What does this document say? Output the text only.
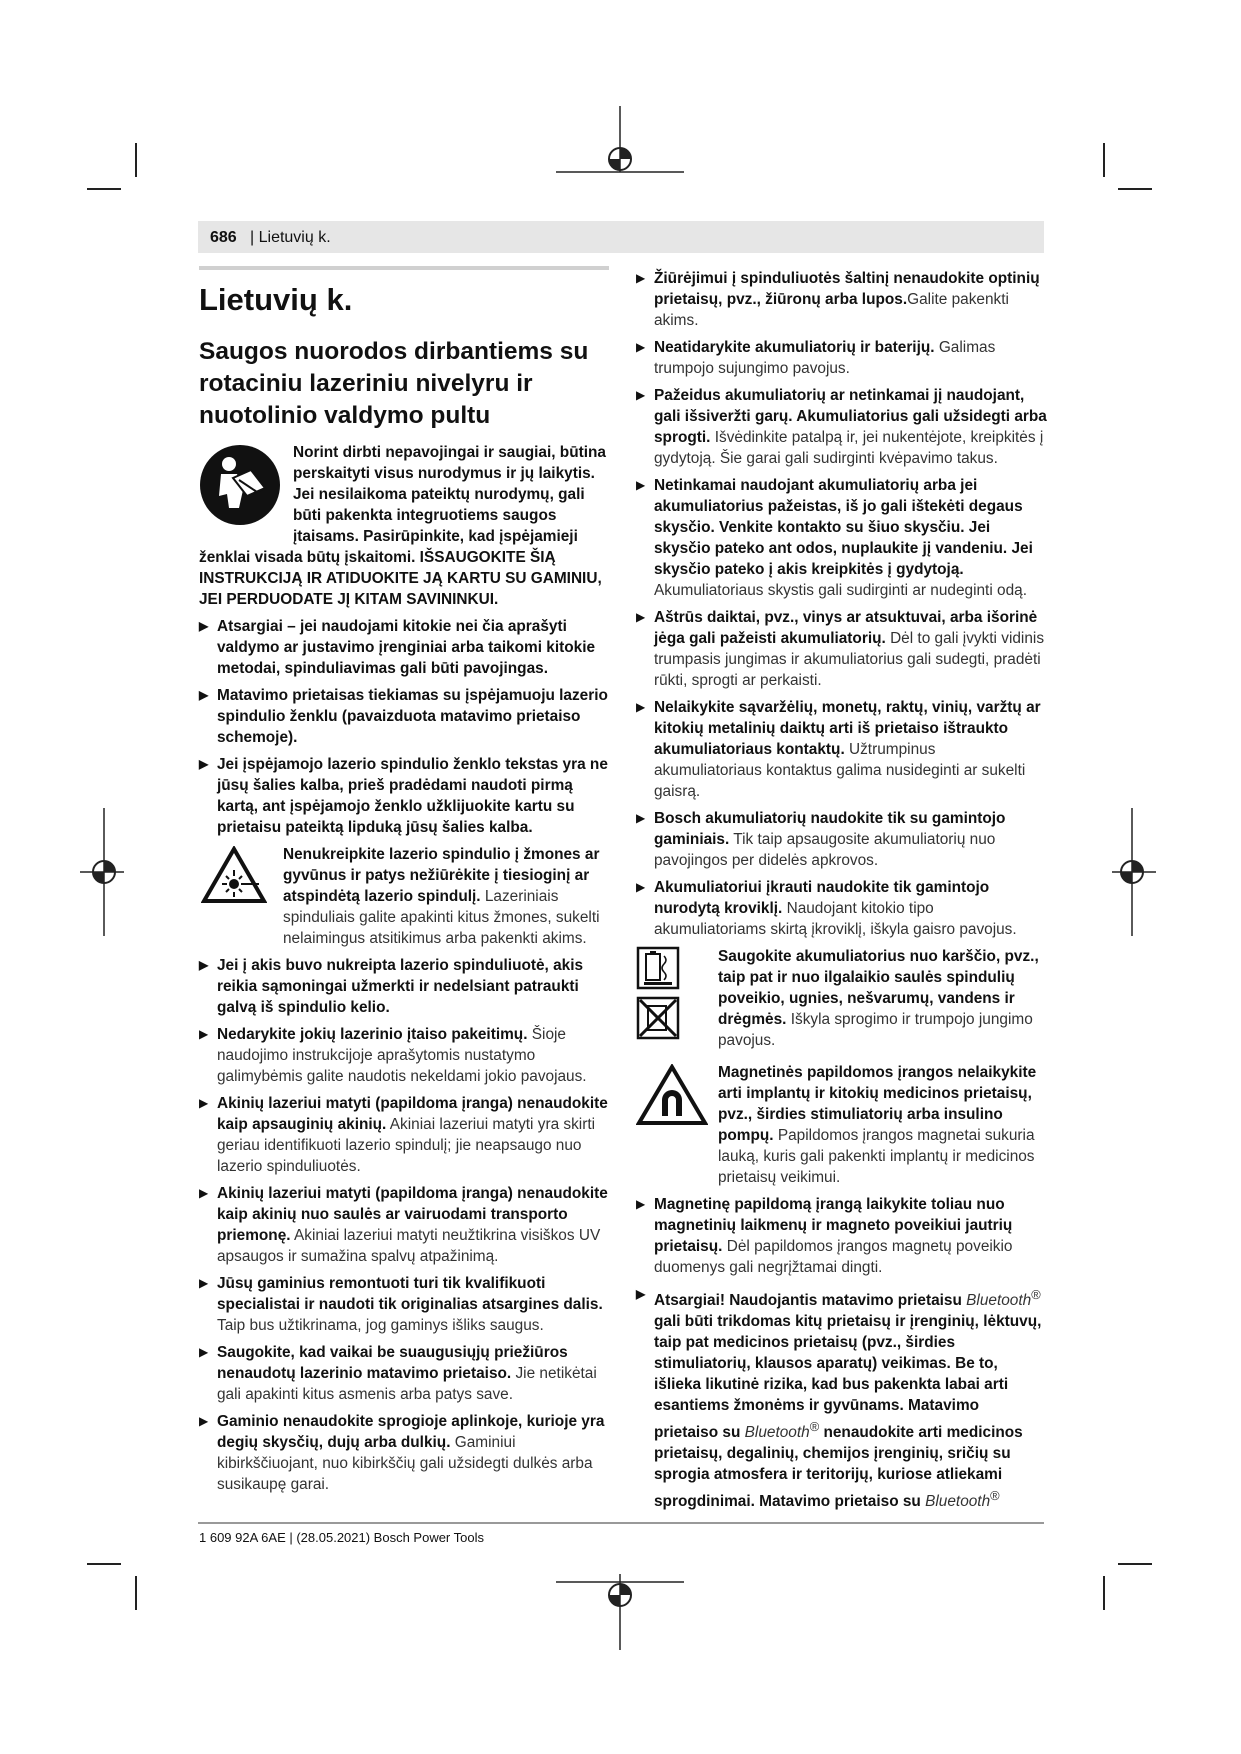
686 | Lietuvių k.
Lietuvių k.
Saugos nuorodos dirbantiems su rotaciniu lazeriniu nivelyru ir nuotolinio valdymo pultu
Norint dirbti nepavojingai ir saugiai, būtina perskaityti visus nurodymus ir jų laikytis. Jei nesilaikoma pateiktų nurodymų, gali būti pakenkta integruotiems saugos įtaisams. Pasirūpinkite, kad įspėjamieji ženklai visada būtų įskaitomi. IŠSAUGOKITE ŠIĄ INSTRUKCIJĄ IR ATIDUOKITE JĄ KARTU SU GAMINIU, JEI PERDUODATE JĮ KITAM SAVININKUI.
▶ Atsargiai – jei naudojami kitokie nei čia aprašyti valdymo ar justavimo įrenginiai arba taikomi kitokie metodai, spinduliavimas gali būti pavojingas.
▶ Matavimo prietaisas tiekiamas su įspėjamuoju lazerio spindulio ženklu (pavaizduota matavimo prietaiso schemoje).
▶ Jei įspėjamojo lazerio spindulio ženklo tekstas yra ne jūsų šalies kalba, prieš pradėdami naudoti pirmą kartą, ant įspėjamojo ženklo užklijuokite kartu su prietaisu pateiktą lipduką jūsų šalies kalba.
Nenukreipkite lazerio spindulio į žmones ar gyvūnus ir patys nežiūrėkite į tiesioginį ar atspindėtą lazerio spindulį. Lazeriniais spinduliais galite apakinti kitus žmones, sukelti nelaimingus atsitikimus arba pakenkti akims.
▶ Jei į akis buvo nukreipta lazerio spinduliuotė, akis reikia sąmoningai užmerkti ir nedelsiant patraukti galvą iš spindulio kelio.
▶ Nedarykite jokių lazerinio įtaiso pakeitimų. Šioje naudojimo instrukcijoje aprašytomis nustatymo galimybėmis galite naudotis nekeldami jokio pavojaus.
▶ Akinių lazeriui matyti (papildoma įranga) nenaudokite kaip apsauginių akinių. Akiniai lazeriui matyti yra skirti geriau identifikuoti lazerio spindulį; jie neapsaugo nuo lazerio spinduliuotės.
▶ Akinių lazeriui matyti (papildoma įranga) nenaudokite kaip akinių nuo saulės ar vairuodami transporto priemonę. Akiniai lazeriui matyti neužtikrina visiškos UV apsaugos ir sumažina spalvų atpažinimą.
▶ Jūsų gaminius remontuoti turi tik kvalifikuoti specialistai ir naudoti tik originalias atsargines dalis. Taip bus užtikrinama, jog gaminys išliks saugus.
▶ Saugokite, kad vaikai be suaugusiųjų priežiūros nenaudotų lazerinio matavimo prietaiso. Jie netikėtai gali apakinti kitus asmenis arba patys save.
▶ Gaminio nenaudokite sprogioje aplinkoje, kurioje yra degių skysčių, dujų arba dulkių. Gaminiui kibirkščiuojant, nuo kibirkščių gali užsidegti dulkės arba susikaupę garai.
▶ Žiūrėjimui į spinduliuotės šaltinį nenaudokite optinių prietaisų, pvz., žiūronų arba lupos.Galite pakenkti akims.
▶ Neatidarykite akumuliatorių ir baterijų. Galimas trumpojo sujungimo pavojus.
▶ Pažeidus akumuliatorių ar netinkamai jį naudojant, gali išsiveržti garų. Akumuliatorius gali užsidegti arba sprogti. Išvėdinkite patalpą ir, jei nukentėjote, kreipkitės į gydytoją. Šie garai gali sudirginti kvėpavimo takus.
▶ Netinkamai naudojant akumuliatorių arba jei akumuliatorius pažeistas, iš jo gali ištekėti degaus skysčio. Venkite kontakto su šiuo skysčiu. Jei skysčio pateko ant odos, nuplaukite jį vandeniu. Jei skysčio pateko į akis kreipkitės į gydytoją. Akumuliatoriaus skystis gali sudirginti ar nudeginti odą.
▶ Aštrūs daiktai, pvz., vinys ar atsuktuvai, arba išorinė jėga gali pažeisti akumuliatorių. Dėl to gali įvykti vidinis trumpasis jungimas ir akumuliatorius gali sudegti, pradėti rūkti, sprogti ar perkaisti.
▶ Nelaikykite sąvaržėlių, monetų, raktų, vinių, varžtų ar kitokių metalinių daiktų arti iš prietaiso ištraukto akumuliatoriaus kontaktų. Užtrumpinus akumuliatoriaus kontaktus galima nusideginti ar sukelti gaisrą.
▶ Bosch akumuliatorių naudokite tik su gamintojo gaminiais. Tik taip apsaugosite akumuliatorių nuo pavojingos per didelės apkrovos.
▶ Akumuliatoriui įkrauti naudokite tik gamintojo nurodytą kroviklį. Naudojant kitokio tipo akumuliatoriams skirtą įkroviklį, iškyla gaisro pavojus.
Saugokite akumuliatorius nuo karščio, pvz., taip pat ir nuo ilgalaikio saulės spindulių poveikio, ugnies, nešvarumų, vandens ir drėgmės. Iškyla sprogimo ir trumpojo jungimo pavojus.
Magnetinės papildomos įrangos nelaikykite arti implantų ir kitokių medicinos prietaisų, pvz., širdies stimuliatorių arba insulino pompų. Papildomos įrangos magnetai sukuria lauką, kuris gali pakenkti implantų ir medicinos prietaisų veikimui.
▶ Magnetinę papildomą įrangą laikykite toliau nuo magnetinių laikmenų ir magneto poveikiui jautrių prietaisų. Dėl papildomos įrangos magnetų poveikio duomenys gali negrįžtamai dingti.
▶ Atsargiai! Naudojantis matavimo prietaisu Bluetooth® gali būti trikdomas kitų prietaisų ir įrenginių, lėktuvų, taip pat medicinos prietaisų (pvz., širdies stimuliatorių, klausos aparatų) veikimas. Be to, išlieka likutinė rizika, kad bus pakenkta labai arti esantiems žmonėms ir gyvūnams. Matavimo prietaiso su Bluetooth® nenaudokite arti medicinos prietaisų, degalinių, chemijos įrenginių, sričių su sprogia atmosfera ir teritorijų, kuriose atliekami sprogdinimai. Matavimo prietaiso su Bluetooth®
1 609 92A 6AE | (28.05.2021) Bosch Power Tools
